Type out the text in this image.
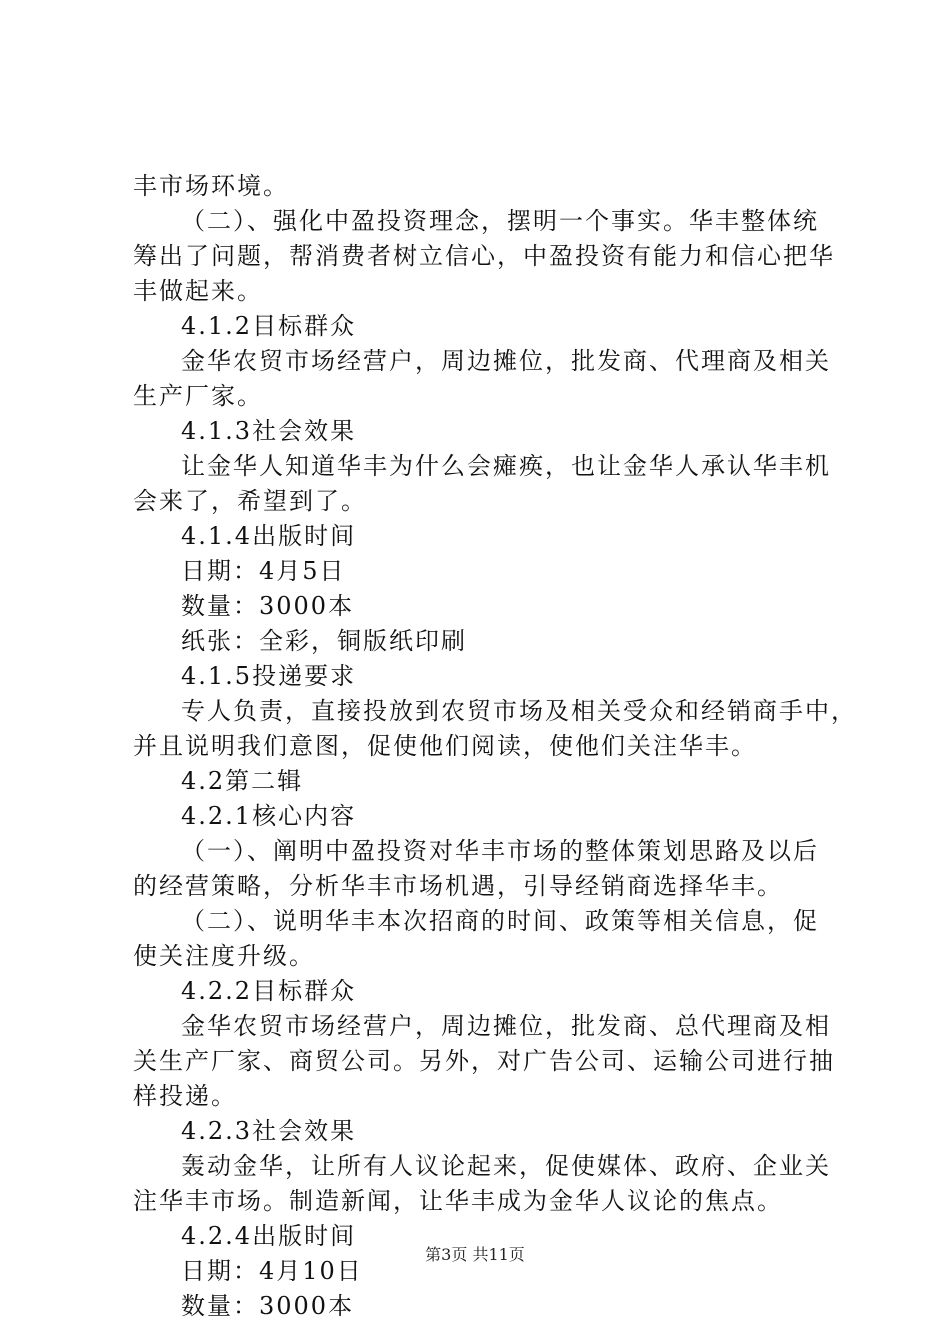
丰市场环境。
（二）、强化中盈投资理念，摆明一个事实。华丰整体统
筹出了问题，帮消费者树立信心，中盈投资有能力和信心把华
丰做起来。
4.1.2目标群众
金华农贸市场经营户，周边摊位，批发商、代理商及相关
生产厂家。
4.1.3社会效果
让金华人知道华丰为什么会瘫痪，也让金华人承认华丰机
会来了，希望到了。
4.1.4出版时间
日期：4月5日
数量：3000本
纸张：全彩，铜版纸印刷
4.1.5投递要求
专人负责，直接投放到农贸市场及相关受众和经销商手中，
并且说明我们意图，促使他们阅读，使他们关注华丰。
4.2第二辑
4.2.1核心内容
（一）、阐明中盈投资对华丰市场的整体策划思路及以后
的经营策略，分析华丰市场机遇，引导经销商选择华丰。
（二）、说明华丰本次招商的时间、政策等相关信息，促
使关注度升级。
4.2.2目标群众
金华农贸市场经营户，周边摊位，批发商、总代理商及相
关生产厂家、商贸公司。另外，对广告公司、运输公司进行抽
样投递。
4.2.3社会效果
轰动金华，让所有人议论起来，促使媒体、政府、企业关
注华丰市场。制造新闻，让华丰成为金华人议论的焦点。
4.2.4出版时间
日期：4月10日
数量：3000本
第3页 共11页
